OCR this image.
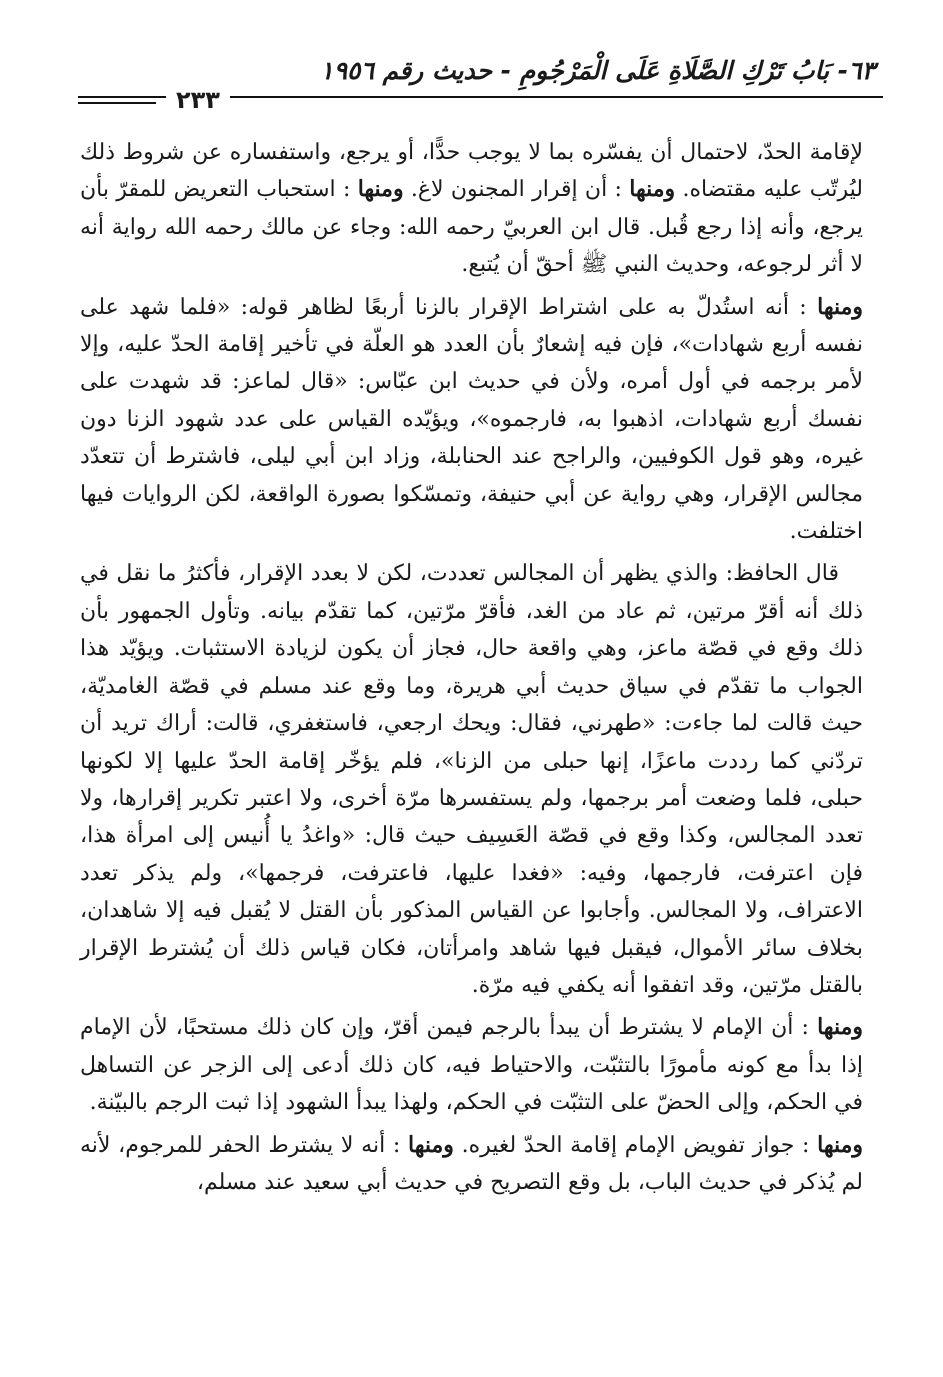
٦٣- بَابُ تَرْكِ الصَّلَاةِ عَلَى الْمَرْجُومِ - حديث رقم ١٩٥٦
٢٣٣

لإقامة الحدّ، لاحتمال أن يفسّره بما لا يوجب حدًّا، أو يرجع، واستفساره عن شروط ذلك ليُرتّب عليه مقتضاه. ومنها : أن إقرار المجنون لاغ. ومنها : استحباب التعريض للمقرّ بأن يرجع، وأنه إذا رجع قُبل. قال ابن العربيّ رحمه الله: وجاء عن مالك رحمه الله رواية أنه لا أثر لرجوعه، وحديث النبي ﷺ أحقّ أن يُتبع.

ومنها : أنه استُدلّ به على اشتراط الإقرار بالزنا أربعًا لظاهر قوله: «فلما شهد على نفسه أربع شهادات»، فإن فيه إشعارٌ بأن العدد هو العلّة في تأخير إقامة الحدّ عليه، وإلا لأمر برجمه في أول أمره، ولأن في حديث ابن عبّاس: «قال لماعز: قد شهدت على نفسك أربع شهادات، اذهبوا به، فارجموه»، ويؤيّده القياس على عدد شهود الزنا دون غيره، وهو قول الكوفيين، والراجح عند الحنابلة، وزاد ابن أبي ليلى، فاشترط أن تتعدّد مجالس الإقرار، وهي رواية عن أبي حنيفة، وتمسّكوا بصورة الواقعة، لكن الروايات فيها اختلفت.

قال الحافظ: والذي يظهر أن المجالس تعددت، لكن لا بعدد الإقرار، فأكثرُ ما نقل في ذلك أنه أقرّ مرتين، ثم عاد من الغد، فأقرّ مرّتين، كما تقدّم بيانه. وتأول الجمهور بأن ذلك وقع في قصّة ماعز، وهي واقعة حال، فجاز أن يكون لزيادة الاستثبات. ويؤيّد هذا الجواب ما تقدّم في سياق حديث أبي هريرة، وما وقع عند مسلم في قصّة الغامديّة، حيث قالت لما جاءت: «طهرني، فقال: ويحك ارجعي، فاستغفري، قالت: أراك تريد أن تردّني كما رددت ماعزًا، إنها حبلى من الزنا»، فلم يؤخّر إقامة الحدّ عليها إلا لكونها حبلى، فلما وضعت أمر برجمها، ولم يستفسرها مرّة أخرى، ولا اعتبر تكرير إقرارها، ولا تعدد المجالس، وكذا وقع في قصّة العَسِيف حيث قال: «واغدُ يا أُنيس إلى امرأة هذا، فإن اعترفت، فارجمها، وفيه: «فغدا عليها، فاعترفت، فرجمها»، ولم يذكر تعدد الاعتراف، ولا المجالس. وأجابوا عن القياس المذكور بأن القتل لا يُقبل فيه إلا شاهدان، بخلاف سائر الأموال، فيقبل فيها شاهد وامرأتان، فكان قياس ذلك أن يُشترط الإقرار بالقتل مرّتين، وقد اتفقوا أنه يكفي فيه مرّة.

ومنها : أن الإمام لا يشترط أن يبدأ بالرجم فيمن أقرّ، وإن كان ذلك مستحبًا، لأن الإمام إذا بدأ مع كونه مأمورًا بالتثبّت، والاحتياط فيه، كان ذلك أدعى إلى الزجر عن التساهل في الحكم، وإلى الحضّ على التثبّت في الحكم، ولهذا يبدأ الشهود إذا ثبت الرجم بالبيّنة.

ومنها : جواز تفويض الإمام إقامة الحدّ لغيره. ومنها : أنه لا يشترط الحفر للمرجوم، لأنه لم يُذكر في حديث الباب، بل وقع التصريح في حديث أبي سعيد عند مسلم،
